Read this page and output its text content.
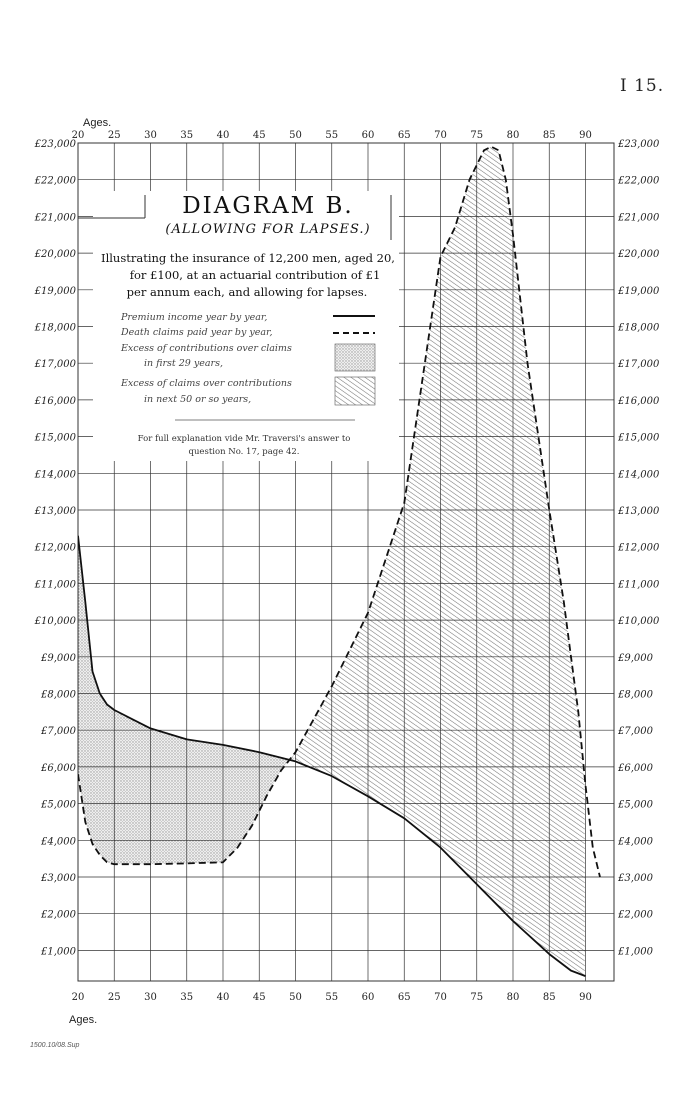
I 15.
1500.10/08.Sup
20 25 30 35 40 45 50 55 60 65 70 75 80 85 90
20 25 30 35 40 45 50 55 60 65 70 75 80 85 90
£1,000
£2,000
£3,000
£4,000
£5,000
£6,000
£7,000
£8,000
£9,000
£10,000
£11,000
£12,000
£13,000
£14,000
£15,000
£16,000
£17,000
£18,000
£19,000
£20,000
£21,000
£22,000
£23,000
£1,000
£2,000
£3,000
£4,000
£5,000
£6,000
£7,000
£8,000
£9,000
£10,000
£11,000
£12,000
£13,000
£14,000
£15,000
£16,000
£17,000
£18,000
£19,000
£20,000
£21,000
£22,000
£23,000
Ages.
Ages.
DIAGRAM B.
(ALLOWING FOR LAPSES.)
Illustrating the insurance of 12,200 men, aged 20,
for £100, at an actuarial contribution of £1
per annum each, and allowing for lapses.
Premium income year by year,
Death claims paid year by year,
Excess of contributions over claims
in first 29 years,
Excess of claims over contributions
in next 50 or so years,
For full explanation vide Mr. Traversi's answer to
question No. 17, page 42.
